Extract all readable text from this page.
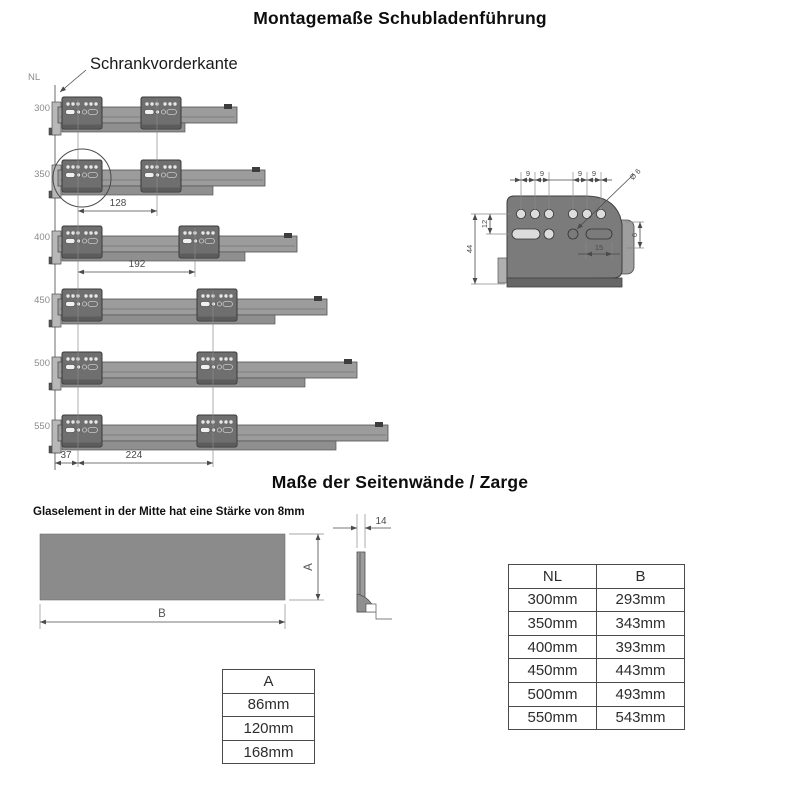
Montagemaße Schubladenführung
Schrankvorderkante
NL
300
350
400
450
500
550
128
192
37	224
9 9	9 9
12
44	15
6
Ø 6
Maße der Seitenwände / Zarge
Glaselement in der Mitte hat eine Stärke von 8mm
A
B
14
NL	B
300mm	293mm
350mm	343mm
400mm	393mm
450mm	443mm
500mm	493mm
550mm	543mm
A
86mm
120mm
168mm
